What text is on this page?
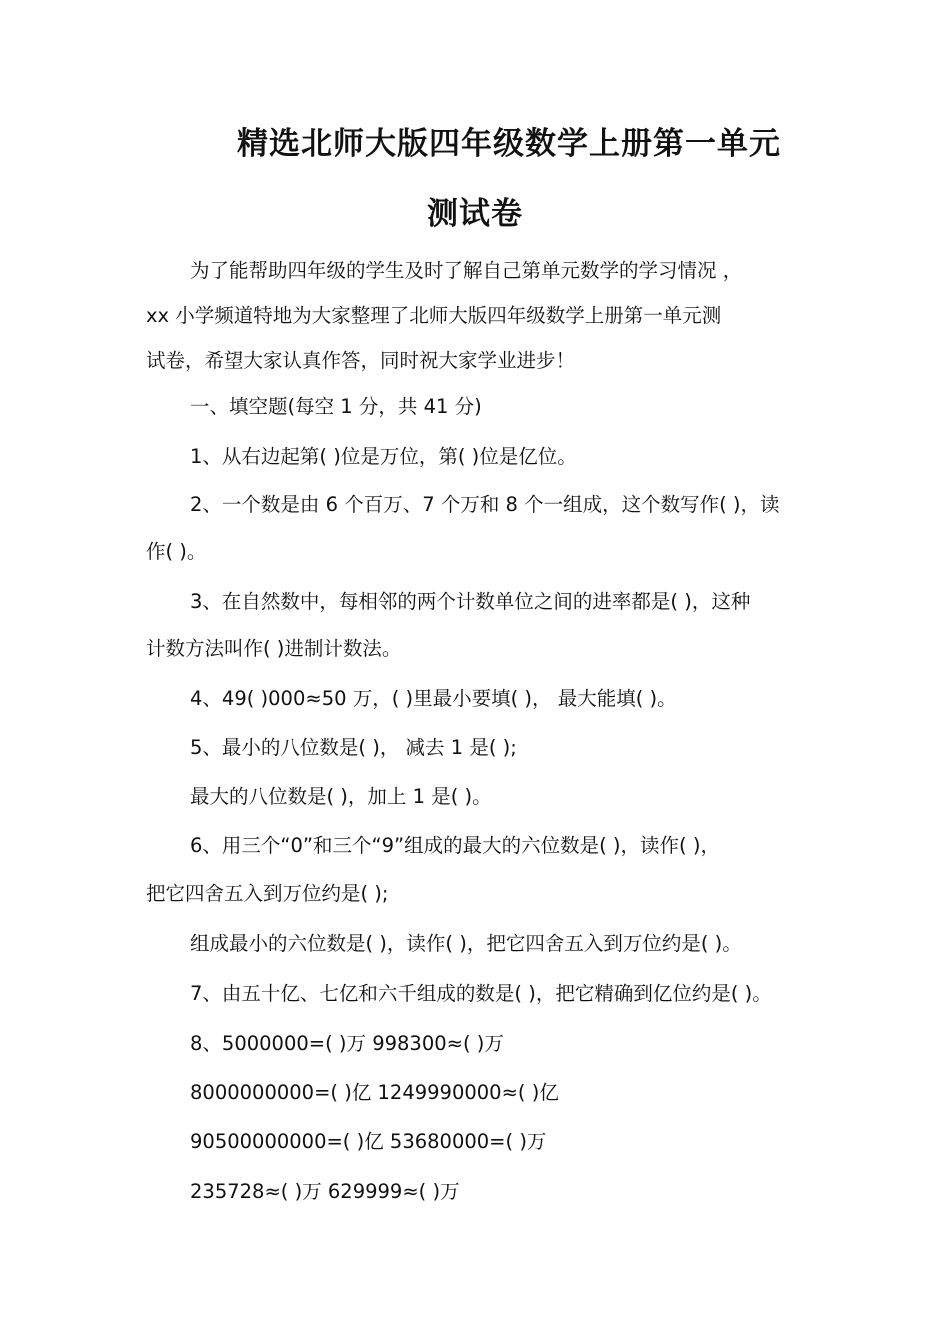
精选北师大版四年级数学上册第一单元
测试卷
为了能帮助四年级的学生及时了解自己第单元数学的学习情况 ，
xx 小学频道特地为大家整理了北师大版四年级数学上册第一单元测
试卷，希望大家认真作答，同时祝大家学业进步！
一、填空题(每空 1 分，共 41 分)
1、从右边起第( )位是万位，第( )位是亿位。
2、一个数是由 6 个百万、7 个万和 8 个一组成，这个数写作( )，读
作( )。
3、在自然数中，每相邻的两个计数单位之间的进率都是( )，这种
计数方法叫作( )进制计数法。
4、49( )000≈50 万，( )里最小要填( )， 最大能填( )。
5、最小的八位数是( )， 减去 1 是( );
最大的八位数是( )，加上 1 是( )。
6、用三个“0”和三个“9”组成的最大的六位数是( )，读作( )，
把它四舍五入到万位约是( );
组成最小的六位数是( )，读作( )，把它四舍五入到万位约是( )。
7、由五十亿、七亿和六千组成的数是( )，把它精确到亿位约是( )。
8、5000000=( )万 998300≈( )万
8000000000=( )亿 1249990000≈( )亿
90500000000=( )亿 53680000=( )万
235728≈( )万 629999≈( )万
